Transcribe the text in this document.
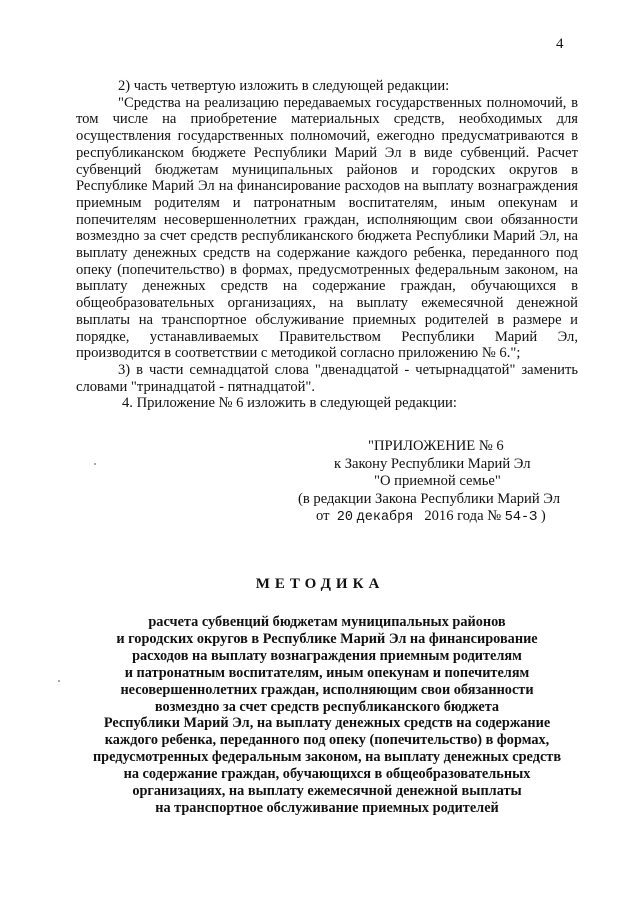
4

2) часть четвертую изложить в следующей редакции:

"Средства на реализацию передаваемых государственных полномочий, в том числе на приобретение материальных средств, необходимых для осуществления государственных полномочий, ежегодно предусматриваются в республиканском бюджете Республики Марий Эл в виде субвенций. Расчет субвенций бюджетам муниципальных районов и городских округов в Республике Марий Эл на финансирование расходов на выплату вознаграждения приемным родителям и патронатным воспитателям, иным опекунам и попечителям несовершеннолетних граждан, исполняющим свои обязанности возмездно за счет средств республиканского бюджета Республики Марий Эл, на выплату денежных средств на содержание каждого ребенка, переданного под опеку (попечительство) в формах, предусмотренных федеральным законом, на выплату денежных средств на содержание граждан, обучающихся в общеобразовательных организациях, на выплату ежемесячной денежной выплаты на транспортное обслуживание приемных родителей в размере и порядке, устанавливаемых Правительством Республики Марий Эл, производится в соответствии с методикой согласно приложению № 6.";

3) в части семнадцатой слова "двенадцатой - четырнадцатой" заменить словами "тринадцатой - пятнадцатой".

4. Приложение № 6 изложить в следующей редакции:

"ПРИЛОЖЕНИЕ № 6
к Закону Республики Марий Эл
"О приемной семье"
(в редакции Закона Республики Марий Эл
от 20 декабря 2016 года № 54-З )
МЕТОДИКА
расчета субвенций бюджетам муниципальных районов
и городских округов в Республике Марий Эл на финансирование
расходов на выплату вознаграждения приемным родителям
и патронатным воспитателям, иным опекунам и попечителям
несовершеннолетних граждан, исполняющим свои обязанности
возмездно за счет средств республиканского бюджета
Республики Марий Эл, на выплату денежных средств на содержание
каждого ребенка, переданного под опеку (попечительство) в формах,
предусмотренных федеральным законом, на выплату денежных средств
на содержание граждан, обучающихся в общеобразовательных
организациях, на выплату ежемесячной денежной выплаты
на транспортное обслуживание приемных родителей
